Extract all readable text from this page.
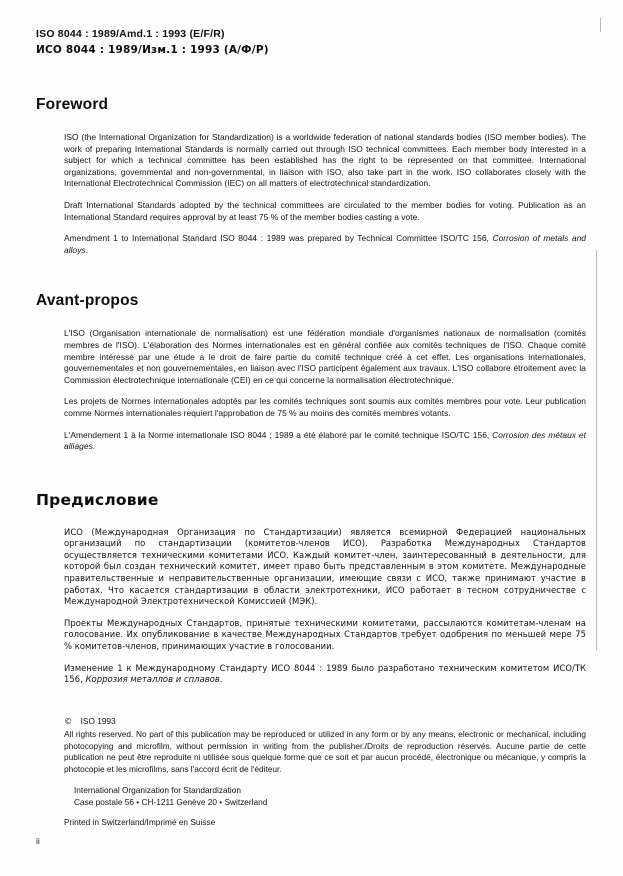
ISO 8044 : 1989/Amd.1 : 1993 (E/F/R)
ИСО 8044 : 1989/Изм.1 : 1993 (А/Ф/Р)
Foreword

ISO (the International Organization for Standardization) is a worldwide federation of national standards bodies (ISO member bodies). The work of preparing International Standards is normally carried out through ISO technical committees. Each member body interested in a subject for which a technical committee has been established has the right to be represented on that committee. International organizations, governmental and non-governmental, in liaison with ISO, also take part in the work. ISO collaborates closely with the International Electrotechnical Commission (IEC) on all matters of electrotechnical standardization.

Draft International Standards adopted by the technical committees are circulated to the member bodies for voting. Publication as an International Standard requires approval by at least 75 % of the member bodies casting a vote.

Amendment 1 to International Standard ISO 8044 : 1989 was prepared by Technical Committee ISO/TC 156, Corrosion of metals and alloys.

Avant-propos

L'ISO (Organisation internationale de normalisation) est une fédération mondiale d'organismes nationaux de normalisation (comités membres de l'ISO). L'élaboration des Normes internationales est en général confiée aux comités techniques de l'ISO. Chaque comité membre intéressé par une étude a le droit de faire partie du comité technique créé à cet effet. Les organisations internationales, gouvernementales et non gouvernementales, en liaison avec l'ISO participent également aux travaux. L'ISO collabore étroitement avec la Commission électrotechnique internationale (CEI) en ce qui concerne la normalisation électrotechnique.

Les projets de Normes internationales adoptés par les comités techniques sont soumis aux comités membres pour vote. Leur publication comme Normes internationales requiert l'approbation de 75 % au moins des comités membres votants.

L'Amendement 1 à la Norme internationale ISO 8044 : 1989 a été élaboré par le comité technique ISO/TC 156, Corrosion des métaux et alliages.

Предисловие

ИСО (Международная Организация по Стандартизации) является всемирной Федерацией национальных организаций по стандартизации (комитетов-членов ИСО). Разработка Международных Стандартов осуществляется техническими комитетами ИСО. Каждый комитет-член, заинтересованный в деятельности, для которой был создан технический комитет, имеет право быть представленным в этом комитете. Международные правительственные и неправительственные организации, имеющие связи с ИСО, также принимают участие в работах. Что касается стандартизации в области электротехники, ИСО работает в тесном сотрудничестве с Международной Электротехнической Комиссией (МЭК).

Проекты Международных Стандартов, принятые техническими комитетами, рассылаются комитетам-членам на голосование. Их опубликование в качестве Международных Стандартов требует одобрения по меньшей мере 75 % комитетов-членов, принимающих участие в голосовании.

Изменение 1 к Международному Стандарту ИСО 8044 : 1989 было разработано техническим комитетом ИСО/ТК 156, Коррозия металлов и сплавов.

© ISO 1993
All rights reserved. No part of this publication may be reproduced or utilized in any form or by any means, electronic or mechanical, including photocopying and microfilm, without permission in writing from the publisher./Droits de reproduction réservés. Aucune partie de cette publication ne peut être reproduite ni utilisée sous quelque forme que ce soit et par aucun procédé, électronique ou mécanique, y compris la photocopie et les microfilms, sans l'accord écrit de l'éditeur.
International Organization for Standardization
Case postale 56 • CH-1211 Genève 20 • Switzerland
Printed in Switzerland/Imprimé en Suisse
ii
